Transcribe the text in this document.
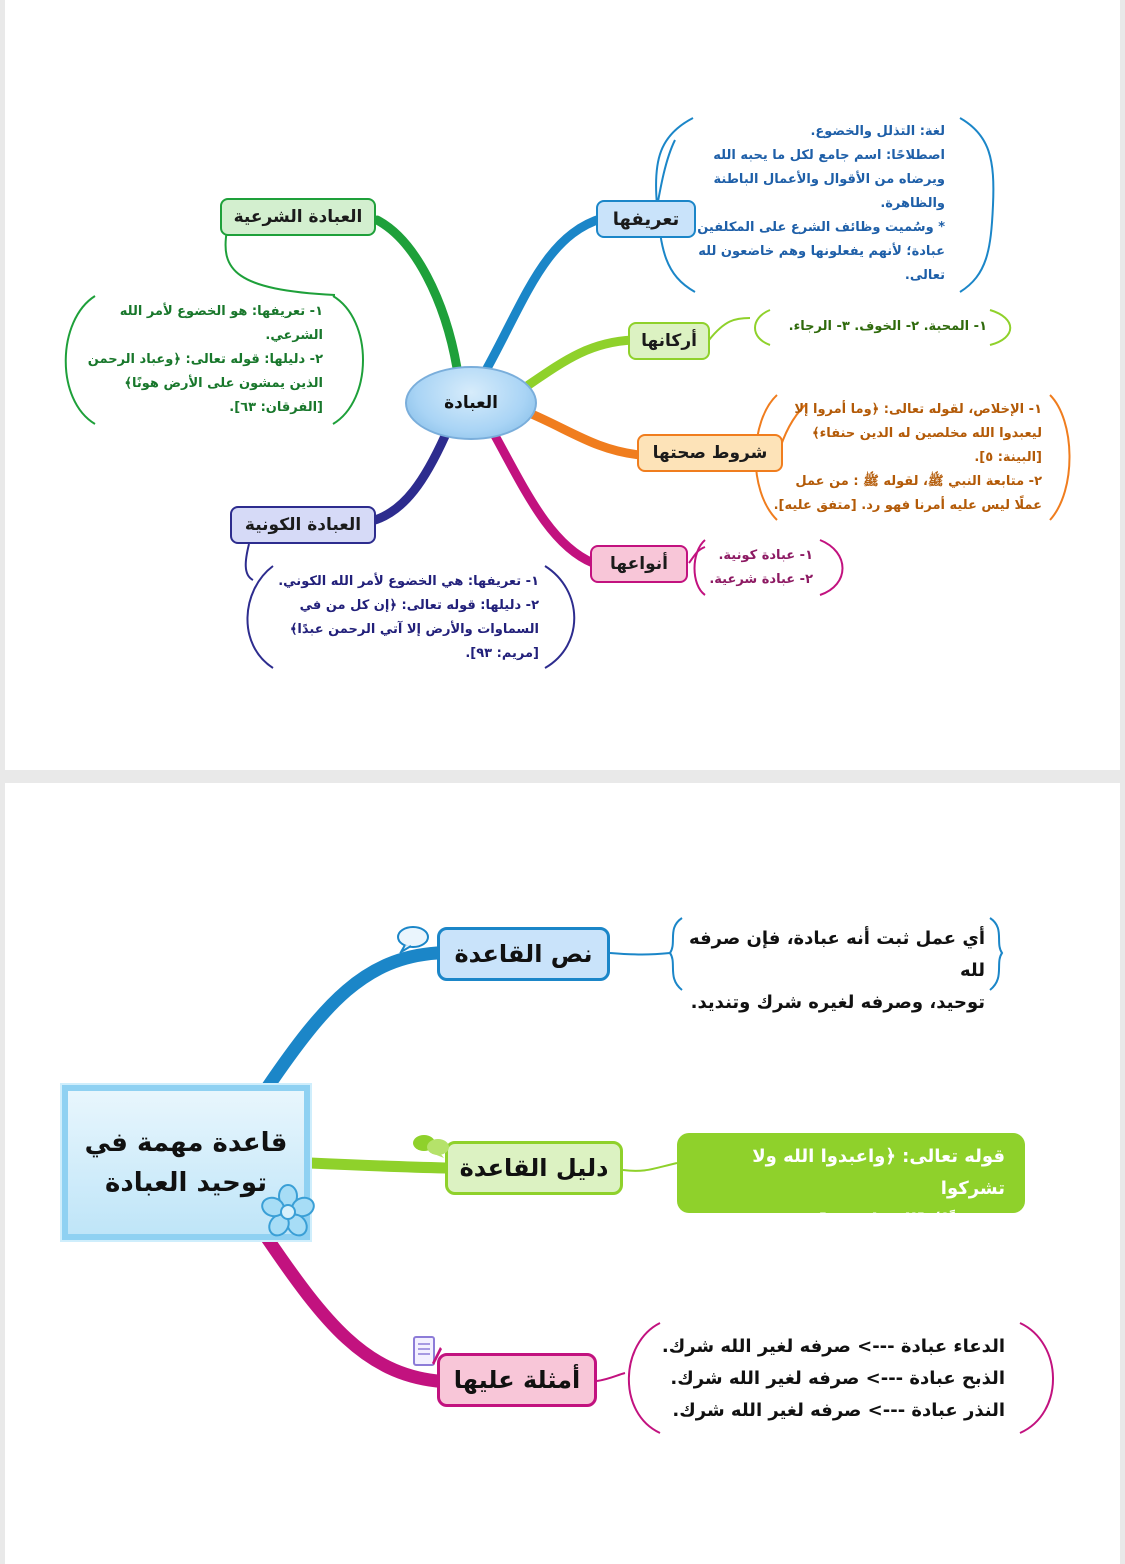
العبادة
تعريفها
لغة: التذلل والخضوع.
اصطلاحًا: اسم جامع لكل ما يحبه الله
ويرضاه من الأقوال والأعمال الباطنة
والظاهرة.
* وسُميت وظائف الشرع على المكلفين
عبادة؛ لأنهم يفعلونها وهم خاضعون لله
تعالى.
أركانها
١- المحبة. ٢- الخوف. ٣- الرجاء.
شروط صحتها
١- الإخلاص، لقوله تعالى: ﴿وما أمروا إلا
ليعبدوا الله مخلصين له الدين حنفاء﴾
[البينة: ٥].
٢- متابعة النبي ﷺ، لقوله ﷺ : من عمل
عملًا ليس عليه أمرنا فهو رد. [متفق عليه].
أنواعها	١- عبادة كونية.
٢- عبادة شرعية.
العبادة الكونية
١- تعريفها: هي الخضوع لأمر الله الكوني.
٢- دليلها: قوله تعالى: ﴿إن كل من في
السماوات والأرض إلا آتي الرحمن عبدًا﴾
[مريم: ٩٣].
العبادة الشرعية
١- تعريفها: هو الخضوع لأمر الله
الشرعي.
٢- دليلها: قوله تعالى: ﴿وعباد الرحمن
الذين يمشون على الأرض هونًا﴾
[الفرقان: ٦٣].
قاعدة مهمة في
توحيد العبادة
نص القاعدة
أي عمل ثبت أنه عبادة، فإن صرفه لله
توحيد، وصرفه لغيره شرك وتنديد.
دليل القاعدة	قوله تعالى: ﴿واعبدوا الله ولا تشركوا
به شيئًا﴾ [النساء: ٣٦].
أمثلة عليها
الدعاء عبادة ---> صرفه لغير الله شرك.
الذبح عبادة ---> صرفه لغير الله شرك.
النذر عبادة ---> صرفه لغير الله شرك.
